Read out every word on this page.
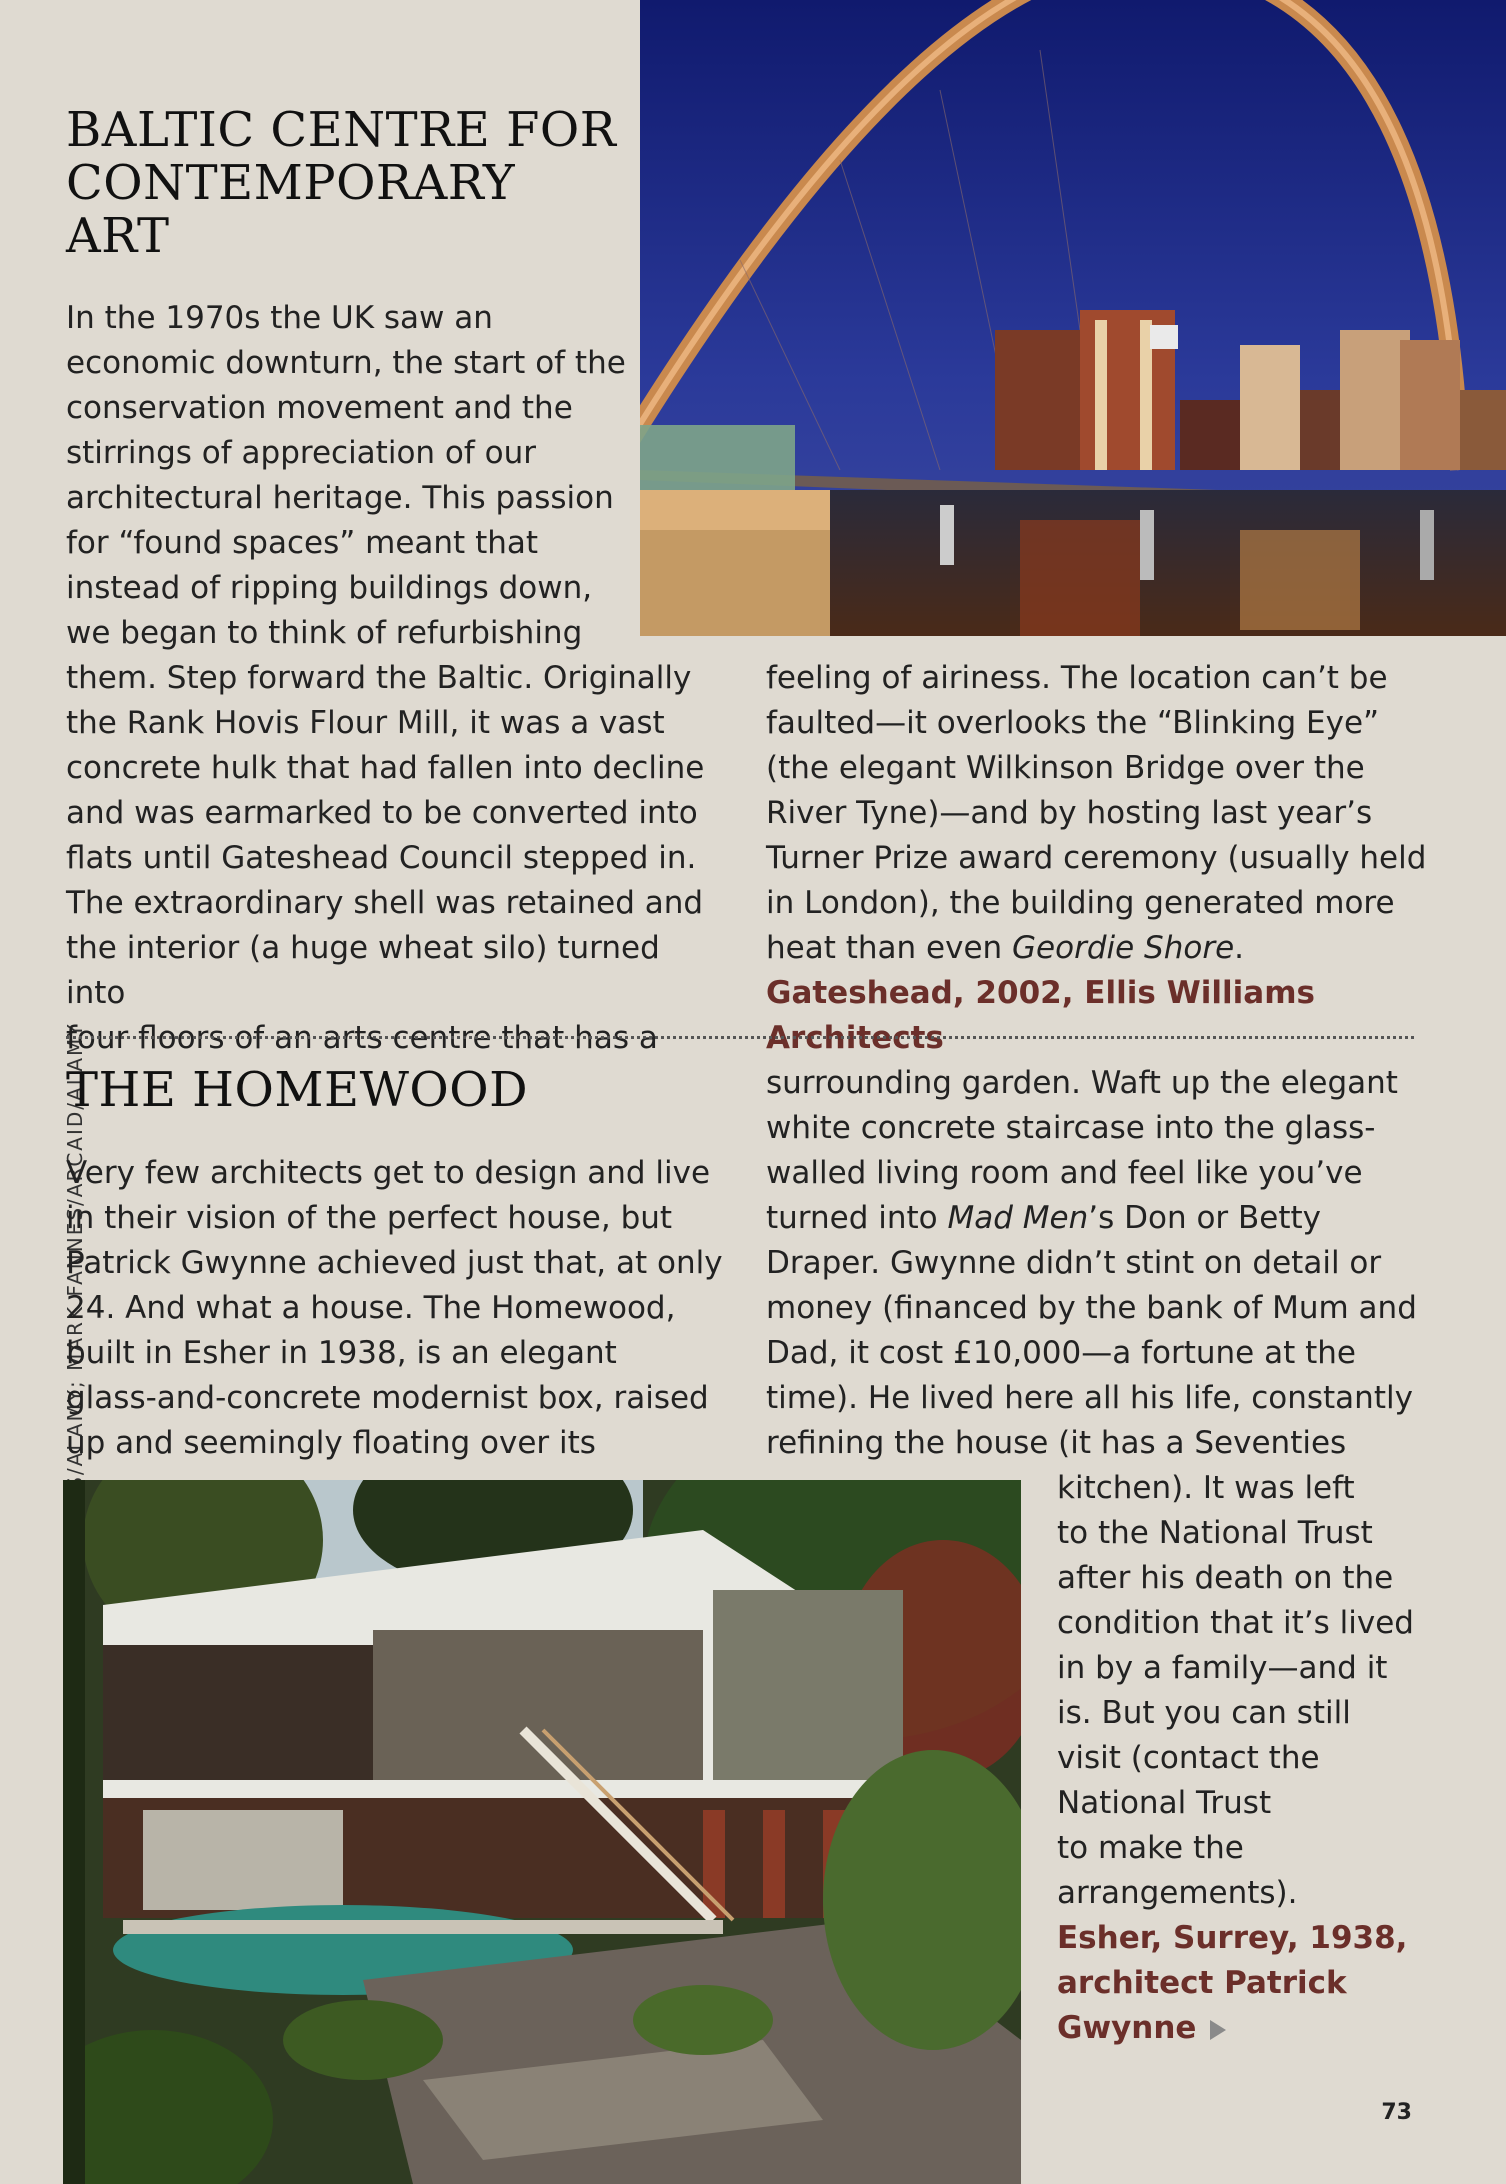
IMAGES/ALAMY; MARK FANNES/ARCAID/ALAMY
BALTIC CENTRE FOR
CONTEMPORARY
ART
In the 1970s the UK saw an
economic downturn, the start of the
conservation movement and the
stirrings of appreciation of our
architectural heritage. This passion
for “found spaces” meant that
instead of ripping buildings down,
we began to think of refurbishing
them. Step forward the Baltic. Originally
the Rank Hovis Flour Mill, it was a vast
concrete hulk that had fallen into decline
and was earmarked to be converted into
flats until Gateshead Council stepped in.
The extraordinary shell was retained and
the interior (a huge wheat silo) turned into
four floors of an arts centre that has a
feeling of airiness. The location can’t be
faulted—it overlooks the “Blinking Eye”
(the elegant Wilkinson Bridge over the
River Tyne)—and by hosting last year’s
Turner Prize award ceremony (usually held
in London), the building generated more
heat than even Geordie Shore.
Gateshead, 2002, Ellis Williams Architects
THE HOMEWOOD
Very few architects get to design and live
in their vision of the perfect house, but
Patrick Gwynne achieved just that, at only
24. And what a house. The Homewood,
built in Esher in 1938, is an elegant
glass-and-concrete modernist box, raised
up and seemingly floating over its
surrounding garden. Waft up the elegant
white concrete staircase into the glass-
walled living room and feel like you’ve
turned into Mad Men’s Don or Betty
Draper. Gwynne didn’t stint on detail or
money (financed by the bank of Mum and
Dad, it cost £10,000—a fortune at the
time). He lived here all his life, constantly
refining the house (it has a Seventies
kitchen). It was left
to the National Trust
after his death on the
condition that it’s lived
in by a family—and it
is. But you can still
visit (contact the
National Trust
to make the
arrangements).
Esher, Surrey, 1938,
architect Patrick
Gwynne
73
